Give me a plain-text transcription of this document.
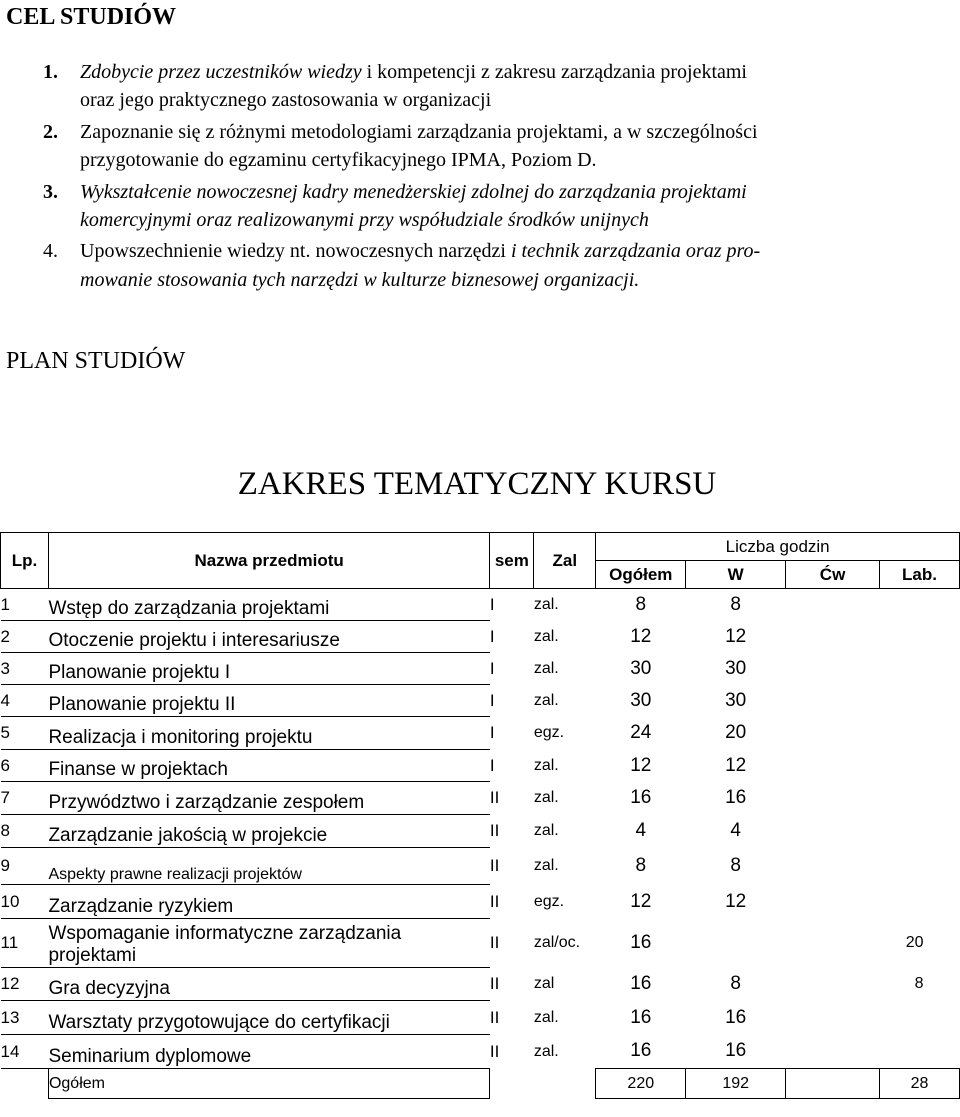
CEL STUDIÓW
1. Zdobycie przez uczestników wiedzy i kompetencji z zakresu zarządzania projektami
oraz jego praktycznego zastosowania w organizacji
2. Zapoznanie się z różnymi metodologiami zarządzania projektami, a w szczególności
przygotowanie do egzaminu certyfikacyjnego IPMA, Poziom D.
3. Wykształcenie nowoczesnej kadry menedżerskiej zdolnej do zarządzania projektami
komercyjnymi oraz realizowanymi przy współudziale środków unijnych
4. Upowszechnienie wiedzy nt. nowoczesnych narzędzi i technik zarządzania oraz pro-
mowanie stosowania tych narzędzi w kulturze biznesowej organizacji.
PLAN STUDIÓW
ZAKRES TEMATYCZNY KURSU
Lp.	Nazwa przedmiotu	sem	Zal	Liczba godzin			
				Ogółem	W	Ćw	Lab.
1	Wstęp do zarządzania projektami	I	zal.	8	8		
2	Otoczenie projektu i interesariusze	I	zal.	12	12		
3	Planowanie projektu I	I	zal.	30	30		
4	Planowanie projektu II	I	zal.	30	30		
5	Realizacja i monitoring projektu	I	egz.	24	20		
6	Finanse w projektach	I	zal.	12	12		
7	Przywództwo i zarządzanie zespołem	II	zal.	16	16		
8	Zarządzanie jakością w projekcie	II	zal.	4	4		
9	Aspekty prawne realizacji projektów	II	zal.	8	8		
10	Zarządzanie ryzykiem	II	egz.	12	12		
11	Wspomaganie informatyczne zarządzania
projektami	II	zal/oc.	16			20
12	Gra decyzyjna	II	zal	16	8		8
13	Warsztaty przygotowujące do certyfikacji	II	zal.	16	16		
14	Seminarium dyplomowe	II	zal.	16	16		
	Ogółem			220	192		28
